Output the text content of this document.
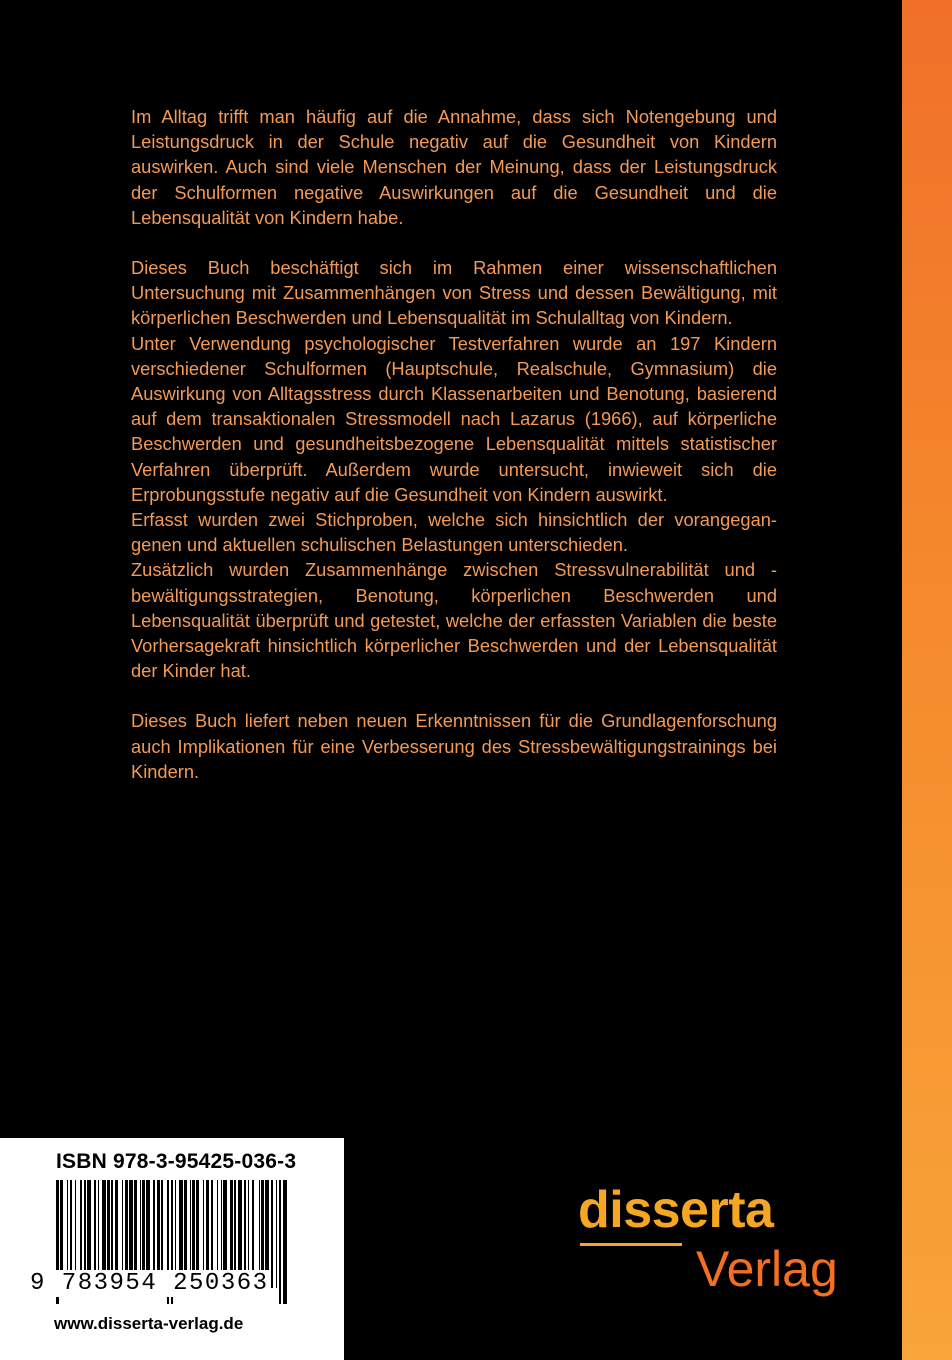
Im Alltag trifft man häufig auf die Annahme, dass sich Notengebung und Leistungsdruck in der Schule negativ auf die Gesundheit von Kindern auswirken. Auch sind viele Menschen der Meinung, dass der Leistungsdruck der Schulformen negative Auswirkungen auf die Gesundheit und die Lebensqualität von Kindern habe.

Dieses Buch beschäftigt sich im Rahmen einer wissenschaftlichen Untersuchung mit Zusammenhängen von Stress und dessen Bewältigung, mit körperlichen Beschwerden und Lebensqualität im Schulalltag von Kindern.

Unter Verwendung psychologischer Testverfahren wurde an 197 Kindern verschiedener Schulformen (Hauptschule, Realschule, Gymnasium) die Auswirkung von Alltagsstress durch Klassenarbeiten und Benotung, basierend auf dem transaktionalen Stressmodell nach Lazarus (1966), auf körperliche Beschwerden und gesundheitsbezogene Lebensqualität mittels statistischer Verfahren überprüft. Außerdem wurde untersucht, inwieweit sich die Erprobungsstufe negativ auf die Gesundheit von Kindern auswirkt.

Erfasst wurden zwei Stichproben, welche sich hinsichtlich der vorangegangenen und aktuellen schulischen Belastungen unterschieden.

Zusätzlich wurden Zusammenhänge zwischen Stressvulnerabilität und -bewältigungsstrategien, Benotung, körperlichen Beschwerden und Lebensqualität überprüft und getestet, welche der erfassten Variablen die beste Vorhersagekraft hinsichtlich körperlicher Beschwerden und der Lebensqualität der Kinder hat.

Dieses Buch liefert neben neuen Erkenntnissen für die Grundlagenforschung auch Implikationen für eine Verbesserung des Stressbewältigungstrainings bei Kindern.

ISBN 978-3-95425-036-3
9 783954 250363
www.disserta-verlag.de
disserta
Verlag
